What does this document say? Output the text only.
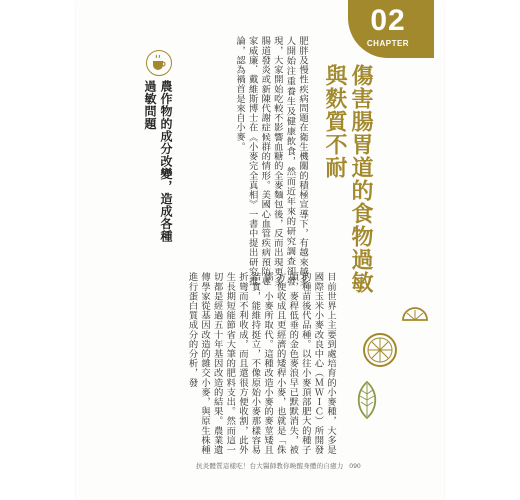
02
CHAPTER
傷害腸胃道的食物過敏與麩質不耐
肥胖及慢性疾病問題在衛生機關的積極宣導下，有越來越多人開始注重養生及健康飲食，然而近年來的研究調查卻發現，大家開始吃較不影響血糖的全麥麵包後，反而出現更多腸道發炎或新陳代謝症候群的情形。美國心血管疾病預防專家威廉．戴維斯博士在《小麥完全真相》一書中提出研究推論，認為禍首是來自小麥。
目前世界上主要到處培育的小麥種，大多是國際玉米小麥改良中心（ＭＷＩＣ）所開發的種苗後代品種。以往小麥頂部肥大的種子頭，麥稈低垂的金色麥浪早已默默消失，被方便收成且更經濟的矮稈小麥，也就是「侏儒」小麥所取代。這種改造小麥的麥莖矮且結實，能維持挺立，不像原始小麥那樣容易折彎而不利收成，而且還很方便收割，此外生長期短能節省大筆的肥料支出。然而這一切都是經過五十年基因改造的結果。農業遺傳學家從基因改造的雜交小麥，與原生株種進行蛋白質成分的分析，發
農作物的成分改變，造成各種過敏問題
抗炎體質這樣吃！台大醫師教你喚醒身體的自癒力 090
